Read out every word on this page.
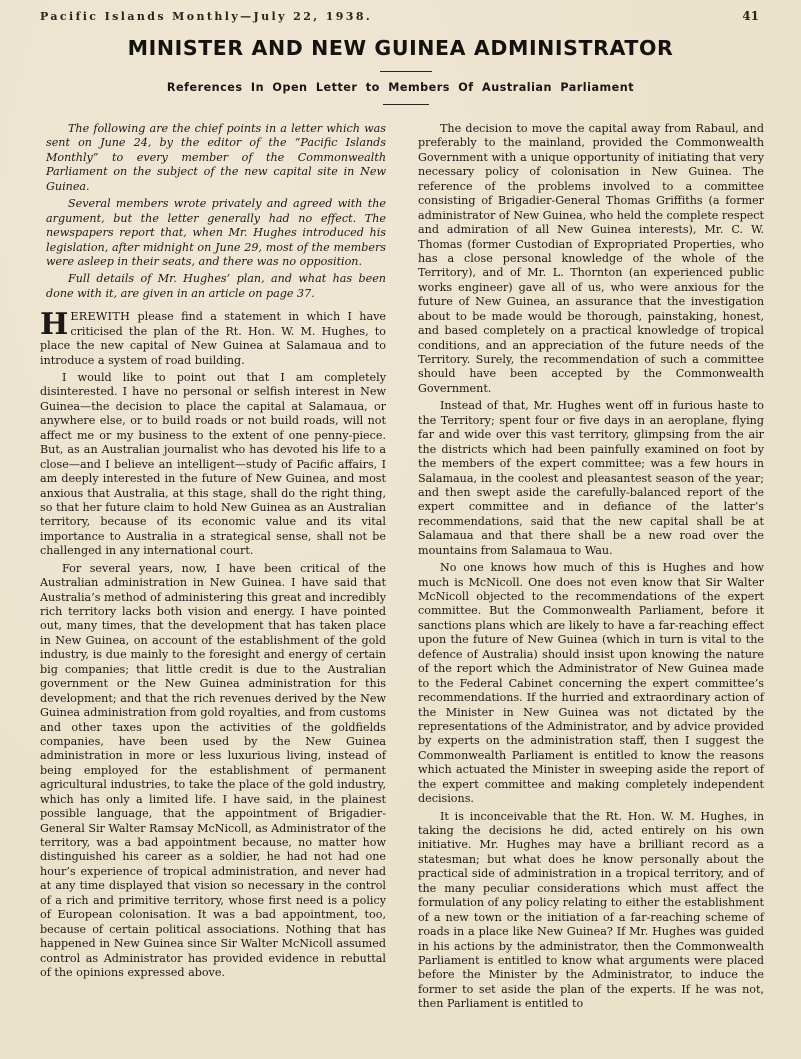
Pacific Islands Monthly—July 22, 1938.	41
MINISTER AND NEW GUINEA ADMINISTRATOR
References In Open Letter to Members Of Australian Parliament

The following are the chief points in a letter which was sent on June 24, by the editor of the “Pacific Islands Monthly” to every member of the Commonwealth Parliament on the subject of the new capital site in New Guinea.

Several members wrote privately and agreed with the argument, but the letter generally had no effect. The newspapers report that, when Mr. Hughes introduced his legislation, after midnight on June 29, most of the members were asleep in their seats, and there was no opposition.

Full details of Mr. Hughes’ plan, and what has been done with it, are given in an article on page 37.

HEREWITH please find a statement in which I have criticised the plan of the Rt. Hon. W. M. Hughes, to place the new capital of New Guinea at Salamaua and to introduce a system of road building.

I would like to point out that I am completely disinterested. I have no personal or selfish interest in New Guinea—the decision to place the capital at Salamaua, or anywhere else, or to build roads or not build roads, will not affect me or my business to the extent of one penny-piece. But, as an Australian journalist who has devoted his life to a close—and I believe an intelligent—study of Pacific affairs, I am deeply interested in the future of New Guinea, and most anxious that Australia, at this stage, shall do the right thing, so that her future claim to hold New Guinea as an Australian territory, because of its economic value and its vital importance to Australia in a strategical sense, shall not be challenged in any international court.

For several years, now, I have been critical of the Australian administration in New Guinea. I have said that Australia’s method of administering this great and incredibly rich territory lacks both vision and energy. I have pointed out, many times, that the development that has taken place in New Guinea, on account of the establishment of the gold industry, is due mainly to the foresight and energy of certain big companies; that little credit is due to the Australian government or the New Guinea administration for this development; and that the rich revenues derived by the New Guinea administration from gold royalties, and from customs and other taxes upon the activities of the goldfields companies, have been used by the New Guinea administration in more or less luxurious living, instead of being employed for the establishment of permanent agricultural industries, to take the place of the gold industry, which has only a limited life. I have said, in the plainest possible language, that the appointment of Brigadier-General Sir Walter Ramsay McNicoll, as Administrator of the territory, was a bad appointment because, no matter how distinguished his career as a soldier, he had not had one hour’s experience of tropical administration, and never had at any time displayed that vision so necessary in the control of a rich and primitive territory, whose first need is a policy of European colonisation. It was a bad appointment, too, because of certain political associations. Nothing that has happened in New Guinea since Sir Walter McNicoll assumed control as Administrator has provided evidence in rebuttal of the opinions expressed above.

The decision to move the capital away from Rabaul, and preferably to the mainland, provided the Commonwealth Government with a unique opportunity of initiating that very necessary policy of colonisation in New Guinea. The reference of the problems involved to a committee consisting of Brigadier-General Thomas Griffiths (a former administrator of New Guinea, who held the complete respect and admiration of all New Guinea interests), Mr. C. W. Thomas (former Custodian of Expropriated Properties, who has a close personal knowledge of the whole of the Territory), and of Mr. L. Thornton (an experienced public works engineer) gave all of us, who were anxious for the future of New Guinea, an assurance that the investigation about to be made would be thorough, painstaking, honest, and based completely on a practical knowledge of tropical conditions, and an appreciation of the future needs of the Territory. Surely, the recommendation of such a committee should have been accepted by the Commonwealth Government.

Instead of that, Mr. Hughes went off in furious haste to the Territory; spent four or five days in an aeroplane, flying far and wide over this vast territory, glimpsing from the air the districts which had been painfully examined on foot by the members of the expert committee; was a few hours in Salamaua, in the coolest and pleasantest season of the year; and then swept aside the carefully-balanced report of the expert committee and in defiance of the latter’s recommendations, said that the new capital shall be at Salamaua and that there shall be a new road over the mountains from Salamaua to Wau.

No one knows how much of this is Hughes and how much is McNicoll. One does not even know that Sir Walter McNicoll objected to the recommendations of the expert committee. But the Commonwealth Parliament, before it sanctions plans which are likely to have a far-reaching effect upon the future of New Guinea (which in turn is vital to the defence of Australia) should insist upon knowing the nature of the report which the Administrator of New Guinea made to the Federal Cabinet concerning the expert committee’s recommendations. If the hurried and extraordinary action of the Minister in New Guinea was not dictated by the representations of the Administrator, and by advice provided by experts on the administration staff, then I suggest the Commonwealth Parliament is entitled to know the reasons which actuated the Minister in sweeping aside the report of the expert committee and making completely independent decisions.

It is inconceivable that the Rt. Hon. W. M. Hughes, in taking the decisions he did, acted entirely on his own initiative. Mr. Hughes may have a brilliant record as a statesman; but what does he know personally about the practical side of administration in a tropical territory, and of the many peculiar considerations which must affect the formulation of any policy relating to either the establishment of a new town or the initiation of a far-reaching scheme of roads in a place like New Guinea? If Mr. Hughes was guided in his actions by the administrator, then the Commonwealth Parliament is entitled to know what arguments were placed before the Minister by the Administrator, to induce the former to set aside the plan of the experts. If he was not, then Parliament is entitled to
